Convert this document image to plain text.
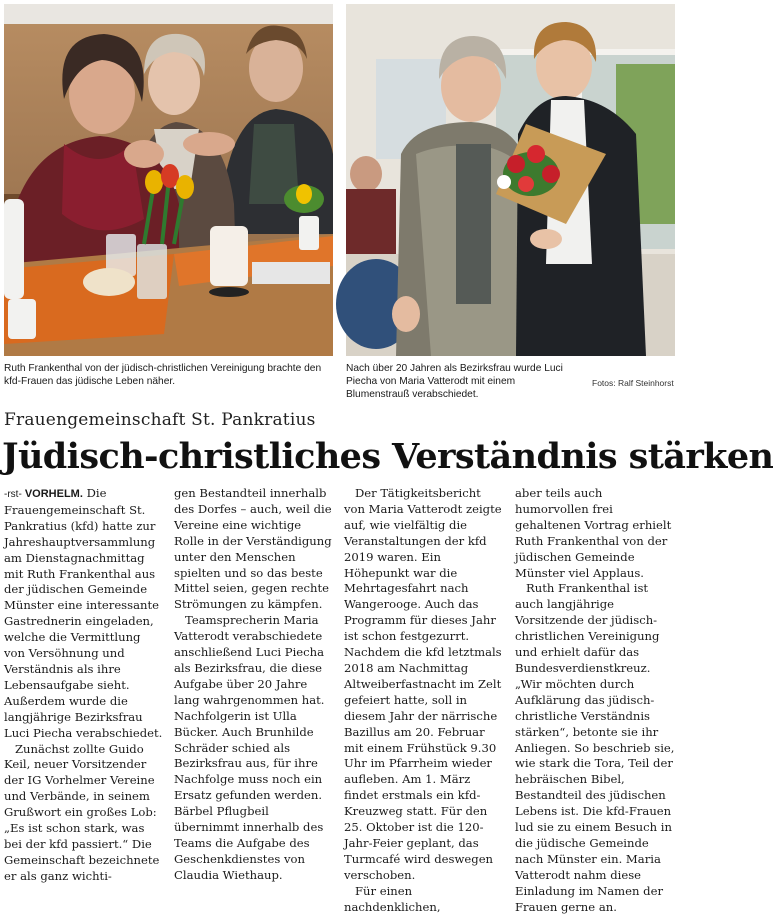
Ruth Frankenthal von der jüdisch-christlichen Vereinigung brachte den kfd-Frauen das jüdische Leben näher.
Nach über 20 Jahren als Bezirksfrau wurde Luci Piecha von Maria Vatterodt mit einem Blumenstrauß verabschiedet.
Fotos: Ralf Steinhorst
Frauengemeinschaft St. Pankratius
Jüdisch-christliches Verständnis stärken

-rst- VORHELM. Die Frauengemeinschaft St. Pankratius (kfd) hatte zur Jahreshauptversammlung am Dienstagnachmittag mit Ruth Frankenthal aus der jüdischen Gemeinde Münster eine interessante Gastrednerin eingeladen, welche die Vermittlung von Versöhnung und Verständnis als ihre Lebensaufgabe sieht. Außerdem wurde die langjährige Bezirksfrau Luci Piecha verabschiedet.

Zunächst zollte Guido Keil, neuer Vorsitzender der IG Vorhelmer Vereine und Verbände, in seinem Grußwort ein großes Lob: „Es ist schon stark, was bei der kfd passiert.“ Die Gemeinschaft bezeichnete er als ganz wichti-

gen Bestandteil innerhalb des Dorfes – auch, weil die Vereine eine wichtige Rolle in der Verständigung unter den Menschen spielten und so das beste Mittel seien, gegen rechte Strömungen zu kämpfen.

Teamsprecherin Maria Vatterodt verabschiedete anschließend Luci Piecha als Bezirksfrau, die diese Aufgabe über 20 Jahre lang wahrgenommen hat. Nachfolgerin ist Ulla Bücker. Auch Brunhilde Schräder schied als Bezirksfrau aus, für ihre Nachfolge muss noch ein Ersatz gefunden werden. Bärbel Pflugbeil übernimmt innerhalb des Teams die Aufgabe des Geschenkdienstes von Claudia Wiethaup.

Der Tätigkeitsbericht von Maria Vatterodt zeigte auf, wie vielfältig die Veranstaltungen der kfd 2019 waren. Ein Höhepunkt war die Mehrtagesfahrt nach Wangerooge. Auch das Programm für dieses Jahr ist schon festgezurrt. Nachdem die kfd letztmals 2018 am Nachmittag Altweiberfastnacht im Zelt gefeiert hatte, soll in diesem Jahr der närrische Bazillus am 20. Februar mit einem Frühstück 9.30 Uhr im Pfarrheim wieder aufleben. Am 1. März findet erstmals ein kfd-Kreuzweg statt. Für den 25. Oktober ist die 120-Jahr-Feier geplant, das Turmcafé wird deswegen verschoben.

Für einen nachdenklichen,

aber teils auch humorvollen frei gehaltenen Vortrag erhielt Ruth Frankenthal von der jüdischen Gemeinde Münster viel Applaus.

Ruth Frankenthal ist auch langjährige Vorsitzende der jüdisch-christlichen Vereinigung und erhielt dafür das Bundesverdienstkreuz. „Wir möchten durch Aufklärung das jüdisch-christliche Verständnis stärken“, betonte sie ihr Anliegen. So beschrieb sie, wie stark die Tora, Teil der hebräischen Bibel, Bestandteil des jüdischen Lebens ist. Die kfd-Frauen lud sie zu einem Besuch in die jüdische Gemeinde nach Münster ein. Maria Vatterodt nahm diese Einladung im Namen der Frauen gerne an.
